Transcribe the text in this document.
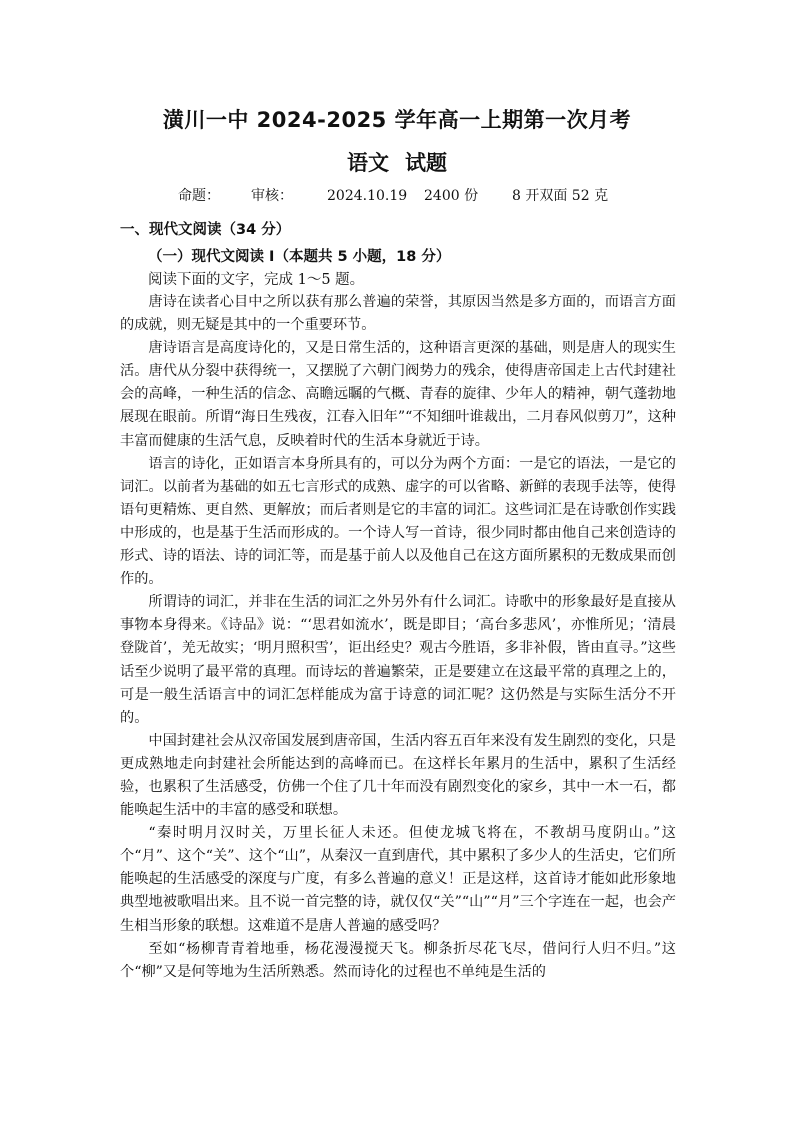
潢川一中 2024-2025 学年高一上期第一次月考
语文 试题
命题： 审核： 2024.10.19 2400 份 8 开双面 52 克
一、现代文阅读（34 分）
（一）现代文阅读 I（本题共 5 小题，18 分）
阅读下面的文字，完成 1～5 题。

唐诗在读者心目中之所以获有那么普遍的荣誉，其原因当然是多方面的，而语言方面的成就，则无疑是其中的一个重要环节。

唐诗语言是高度诗化的，又是日常生活的，这种语言更深的基础，则是唐人的现实生活。唐代从分裂中获得统一，又摆脱了六朝门阀势力的残余，使得唐帝国走上古代封建社会的高峰，一种生活的信念、高瞻远瞩的气概、青春的旋律、少年人的精神，朝气蓬勃地展现在眼前。所谓“海日生残夜，江春入旧年”“不知细叶谁裁出，二月春风似剪刀”，这种丰富而健康的生活气息，反映着时代的生活本身就近于诗。

语言的诗化，正如语言本身所具有的，可以分为两个方面：一是它的语法，一是它的词汇。以前者为基础的如五七言形式的成熟、虚字的可以省略、新鲜的表现手法等，使得语句更精炼、更自然、更解放；而后者则是它的丰富的词汇。这些词汇是在诗歌创作实践中形成的，也是基于生活而形成的。一个诗人写一首诗，很少同时都由他自己来创造诗的形式、诗的语法、诗的词汇等，而是基于前人以及他自己在这方面所累积的无数成果而创作的。

所谓诗的词汇，并非在生活的词汇之外另外有什么词汇。诗歌中的形象最好是直接从事物本身得来。《诗品》说：“‘思君如流水’，既是即目；‘高台多悲风’，亦惟所见；‘清晨登陇首’，羌无故实；‘明月照积雪’，讵出经史？观古今胜语，多非补假，皆由直寻。”这些话至少说明了最平常的真理。而诗坛的普遍繁荣，正是要建立在这最平常的真理之上的，可是一般生活语言中的词汇怎样能成为富于诗意的词汇呢？这仍然是与实际生活分不开的。

中国封建社会从汉帝国发展到唐帝国，生活内容五百年来没有发生剧烈的变化，只是更成熟地走向封建社会所能达到的高峰而已。在这样长年累月的生活中，累积了生活经验，也累积了生活感受，仿佛一个住了几十年而没有剧烈变化的家乡，其中一木一石，都能唤起生活中的丰富的感受和联想。

“秦时明月汉时关，万里长征人未还。但使龙城飞将在，不教胡马度阴山。”这个“月”、这个“关”、这个“山”，从秦汉一直到唐代，其中累积了多少人的生活史，它们所能唤起的生活感受的深度与广度，有多么普遍的意义！正是这样，这首诗才能如此形象地典型地被歌唱出来。且不说一首完整的诗，就仅仅“关”“山”“月”三个字连在一起，也会产生相当形象的联想。这难道不是唐人普遍的感受吗？

至如“杨柳青青着地垂，杨花漫漫搅天飞。柳条折尽花飞尽，借问行人归不归。”这个“柳”又是何等地为生活所熟悉。然而诗化的过程也不单纯是生活的
